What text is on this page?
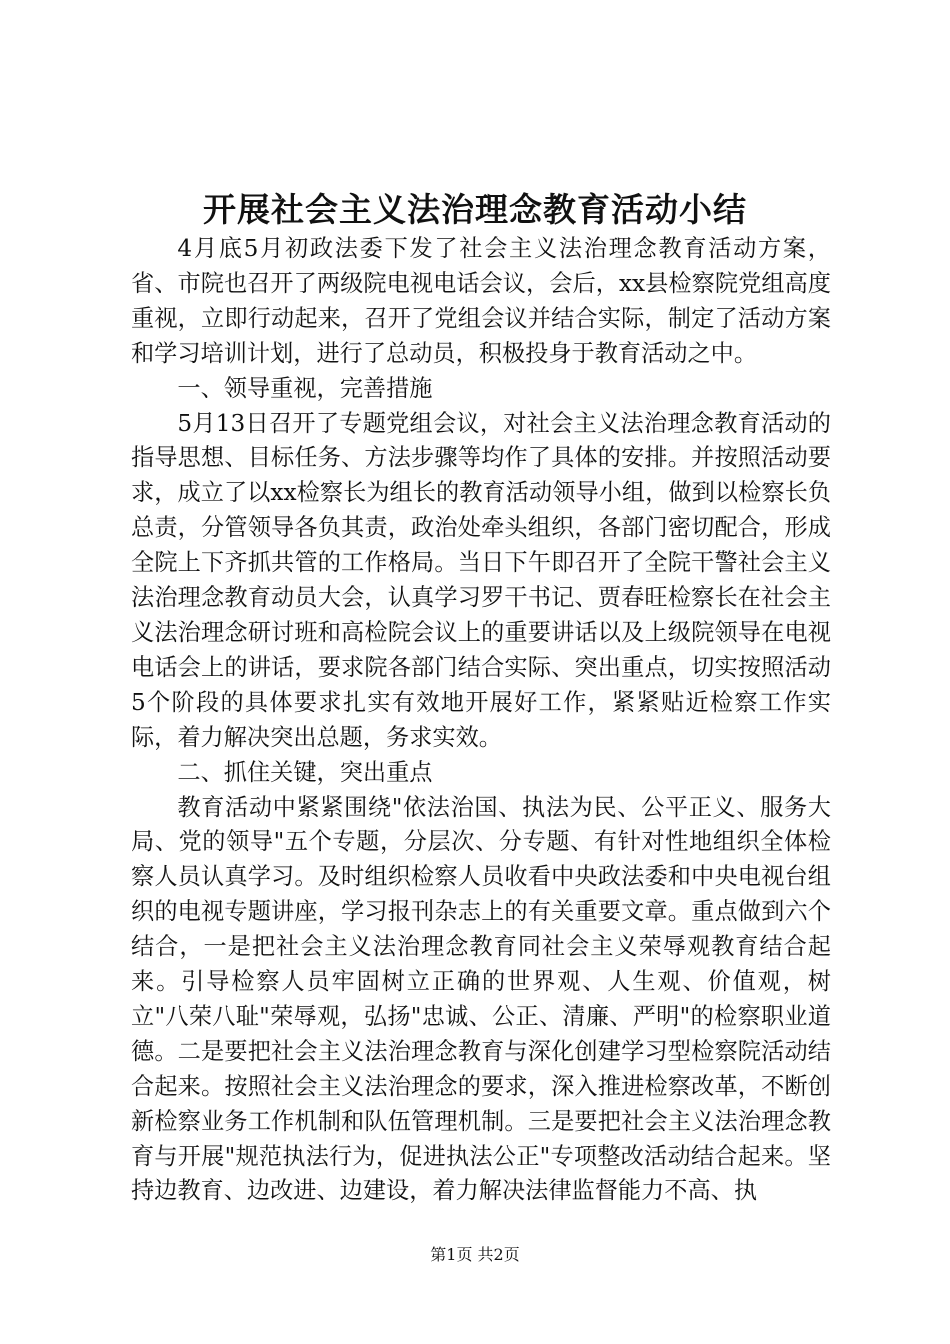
开展社会主义法治理念教育活动小结

4月底5月初政法委下发了社会主义法治理念教育活动方案，省、市院也召开了两级院电视电话会议，会后，xx县检察院党组高度重视，立即行动起来，召开了党组会议并结合实际，制定了活动方案和学习培训计划，进行了总动员，积极投身于教育活动之中。

一、领导重视，完善措施

5月13日召开了专题党组会议，对社会主义法治理念教育活动的指导思想、目标任务、方法步骤等均作了具体的安排。并按照活动要求，成立了以xx检察长为组长的教育活动领导小组，做到以检察长负总责，分管领导各负其责，政治处牵头组织，各部门密切配合，形成全院上下齐抓共管的工作格局。当日下午即召开了全院干警社会主义法治理念教育动员大会，认真学习罗干书记、贾春旺检察长在社会主义法治理念研讨班和高检院会议上的重要讲话以及上级院领导在电视电话会上的讲话，要求院各部门结合实际、突出重点，切实按照活动5个阶段的具体要求扎实有效地开展好工作，紧紧贴近检察工作实际，着力解决突出总题，务求实效。

二、抓住关键，突出重点

教育活动中紧紧围绕"依法治国、执法为民、公平正义、服务大局、党的领导"五个专题，分层次、分专题、有针对性地组织全体检察人员认真学习。及时组织检察人员收看中央政法委和中央电视台组织的电视专题讲座，学习报刊杂志上的有关重要文章。重点做到六个结合，一是把社会主义法治理念教育同社会主义荣辱观教育结合起来。引导检察人员牢固树立正确的世界观、人生观、价值观，树立"八荣八耻"荣辱观，弘扬"忠诚、公正、清廉、严明"的检察职业道德。二是要把社会主义法治理念教育与深化创建学习型检察院活动结合起来。按照社会主义法治理念的要求，深入推进检察改革，不断创新检察业务工作机制和队伍管理机制。三是要把社会主义法治理念教育与开展"规范执法行为，促进执法公正"专项整改活动结合起来。坚持边教育、边改进、边建设，着力解决法律监督能力不高、执

第1页 共2页
